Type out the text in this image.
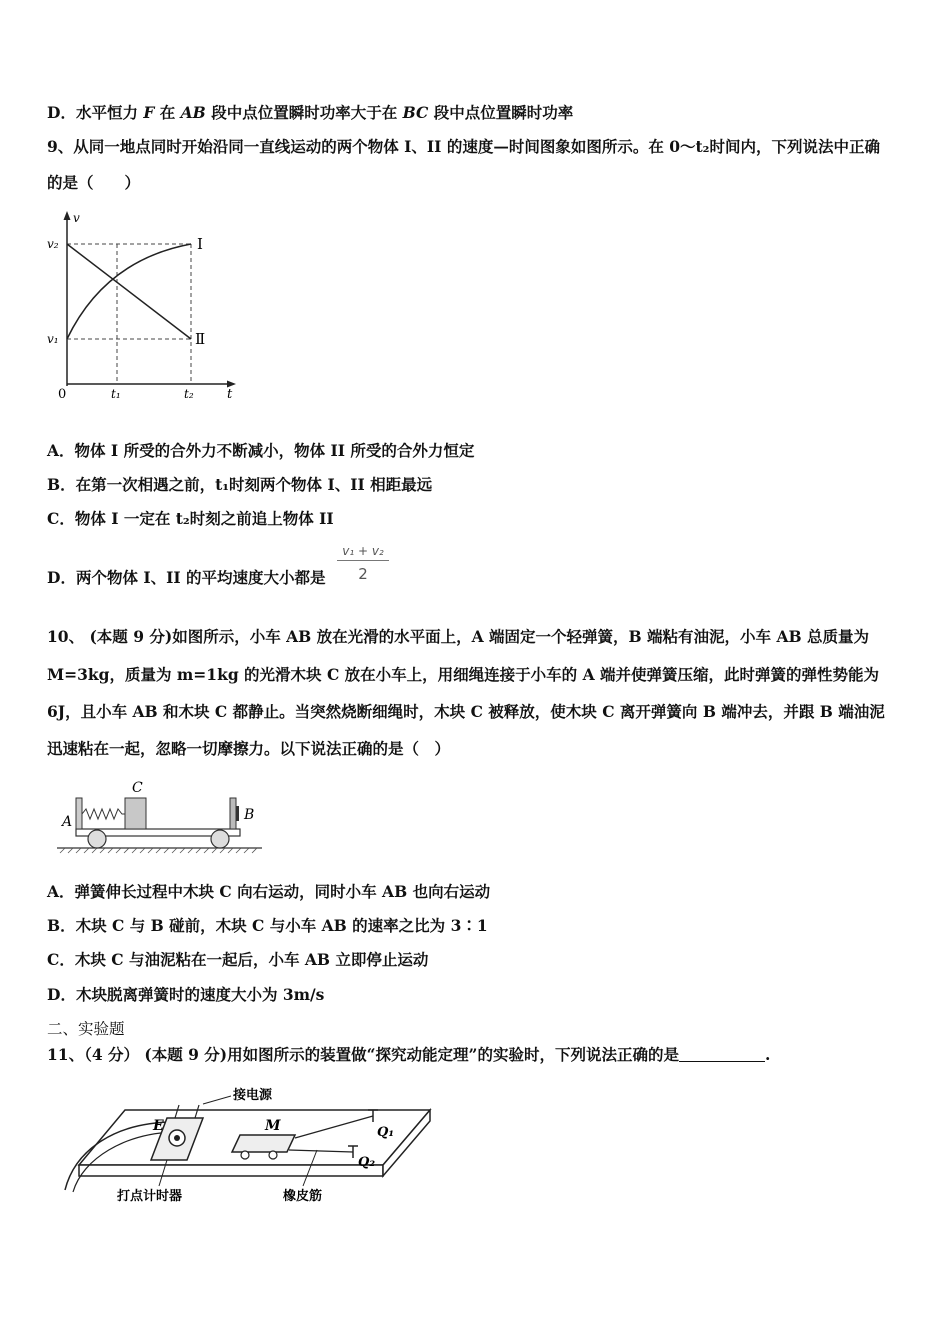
D．水平恒力 F 在 AB 段中点位置瞬时功率大于在 BC 段中点位置瞬时功率
9、从同一地点同时开始沿同一直线运动的两个物体 I、II 的速度—时间图象如图所示。在 0～t₂时间内，下列说法中正确
的是（　　）
v
t
0
v₂
v₁
t₁	t₂
I
Ⅱ
A．物体 I 所受的合外力不断减小，物体 II 所受的合外力恒定
B．在第一次相遇之前，t₁时刻两个物体 I、II 相距最远
C．物体 I 一定在 t₂时刻之前追上物体 II
D．两个物体 I、II 的平均速度大小都是
v₁ + v₂
2
10、 (本题 9 分)如图所示，小车 AB 放在光滑的水平面上，A 端固定一个轻弹簧，B 端粘有油泥，小车 AB 总质量为
M=3kg，质量为 m=1kg 的光滑木块 C 放在小车上，用细绳连接于小车的 A 端并使弹簧压缩，此时弹簧的弹性势能为
6J，且小车 AB 和木块 C 都静止。当突然烧断细绳时，木块 C 被释放，使木块 C 离开弹簧向 B 端冲去，并跟 B 端油泥
迅速粘在一起，忽略一切摩擦力。以下说法正确的是（　）
A
C
B
A．弹簧伸长过程中木块 C 向右运动，同时小车 AB 也向右运动
B．木块 C 与 B 碰前，木块 C 与小车 AB 的速率之比为 3∶1
C．木块 C 与油泥粘在一起后，小车 AB 立即停止运动
D．木块脱离弹簧时的速度大小为 3m/s
二、实验题
11、（4 分） (本题 9 分)用如图所示的装置做“探究动能定理”的实验时，下列说法正确的是	.
接电源
E	M	Q₁
Q₂
打点计时器	橡皮筋
